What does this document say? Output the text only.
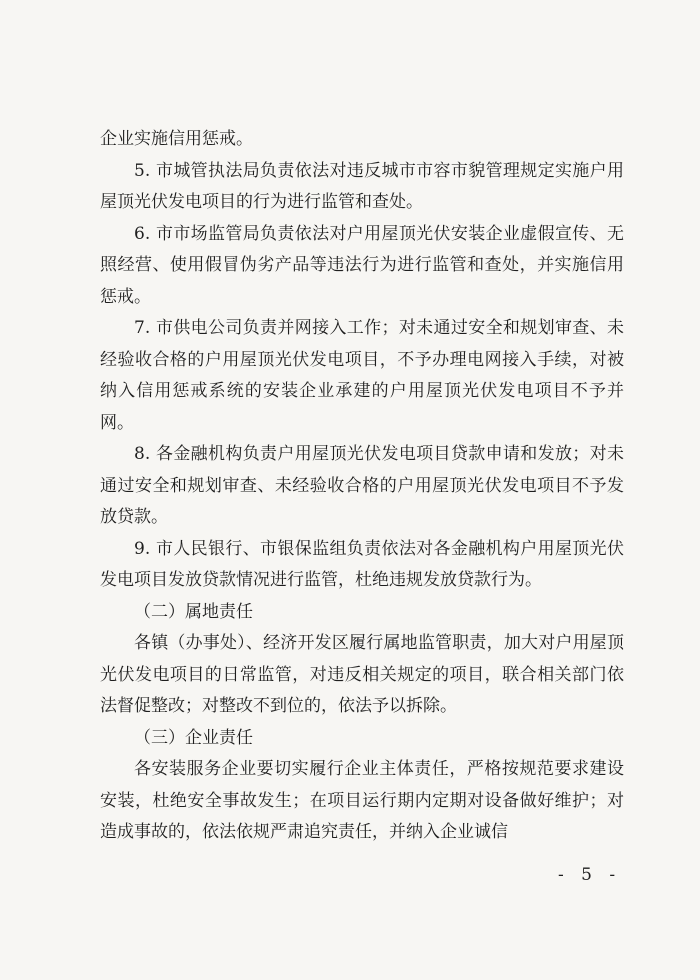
企业实施信用惩戒。

5. 市城管执法局负责依法对违反城市市容市貌管理规定实施户用屋顶光伏发电项目的行为进行监管和查处。

6. 市市场监管局负责依法对户用屋顶光伏安装企业虚假宣传、无照经营、使用假冒伪劣产品等违法行为进行监管和查处，并实施信用惩戒。

7. 市供电公司负责并网接入工作；对未通过安全和规划审查、未经验收合格的户用屋顶光伏发电项目，不予办理电网接入手续，对被纳入信用惩戒系统的安装企业承建的户用屋顶光伏发电项目不予并网。

8. 各金融机构负责户用屋顶光伏发电项目贷款申请和发放；对未通过安全和规划审查、未经验收合格的户用屋顶光伏发电项目不予发放贷款。

9. 市人民银行、市银保监组负责依法对各金融机构户用屋顶光伏发电项目发放贷款情况进行监管，杜绝违规发放贷款行为。

（二）属地责任

各镇（办事处）、经济开发区履行属地监管职责，加大对户用屋顶光伏发电项目的日常监管，对违反相关规定的项目，联合相关部门依法督促整改；对整改不到位的，依法予以拆除。

（三）企业责任

各安装服务企业要切实履行企业主体责任，严格按规范要求建设安装，杜绝安全事故发生；在项目运行期内定期对设备做好维护；对造成事故的，依法依规严肃追究责任，并纳入企业诚信

- 5 -
